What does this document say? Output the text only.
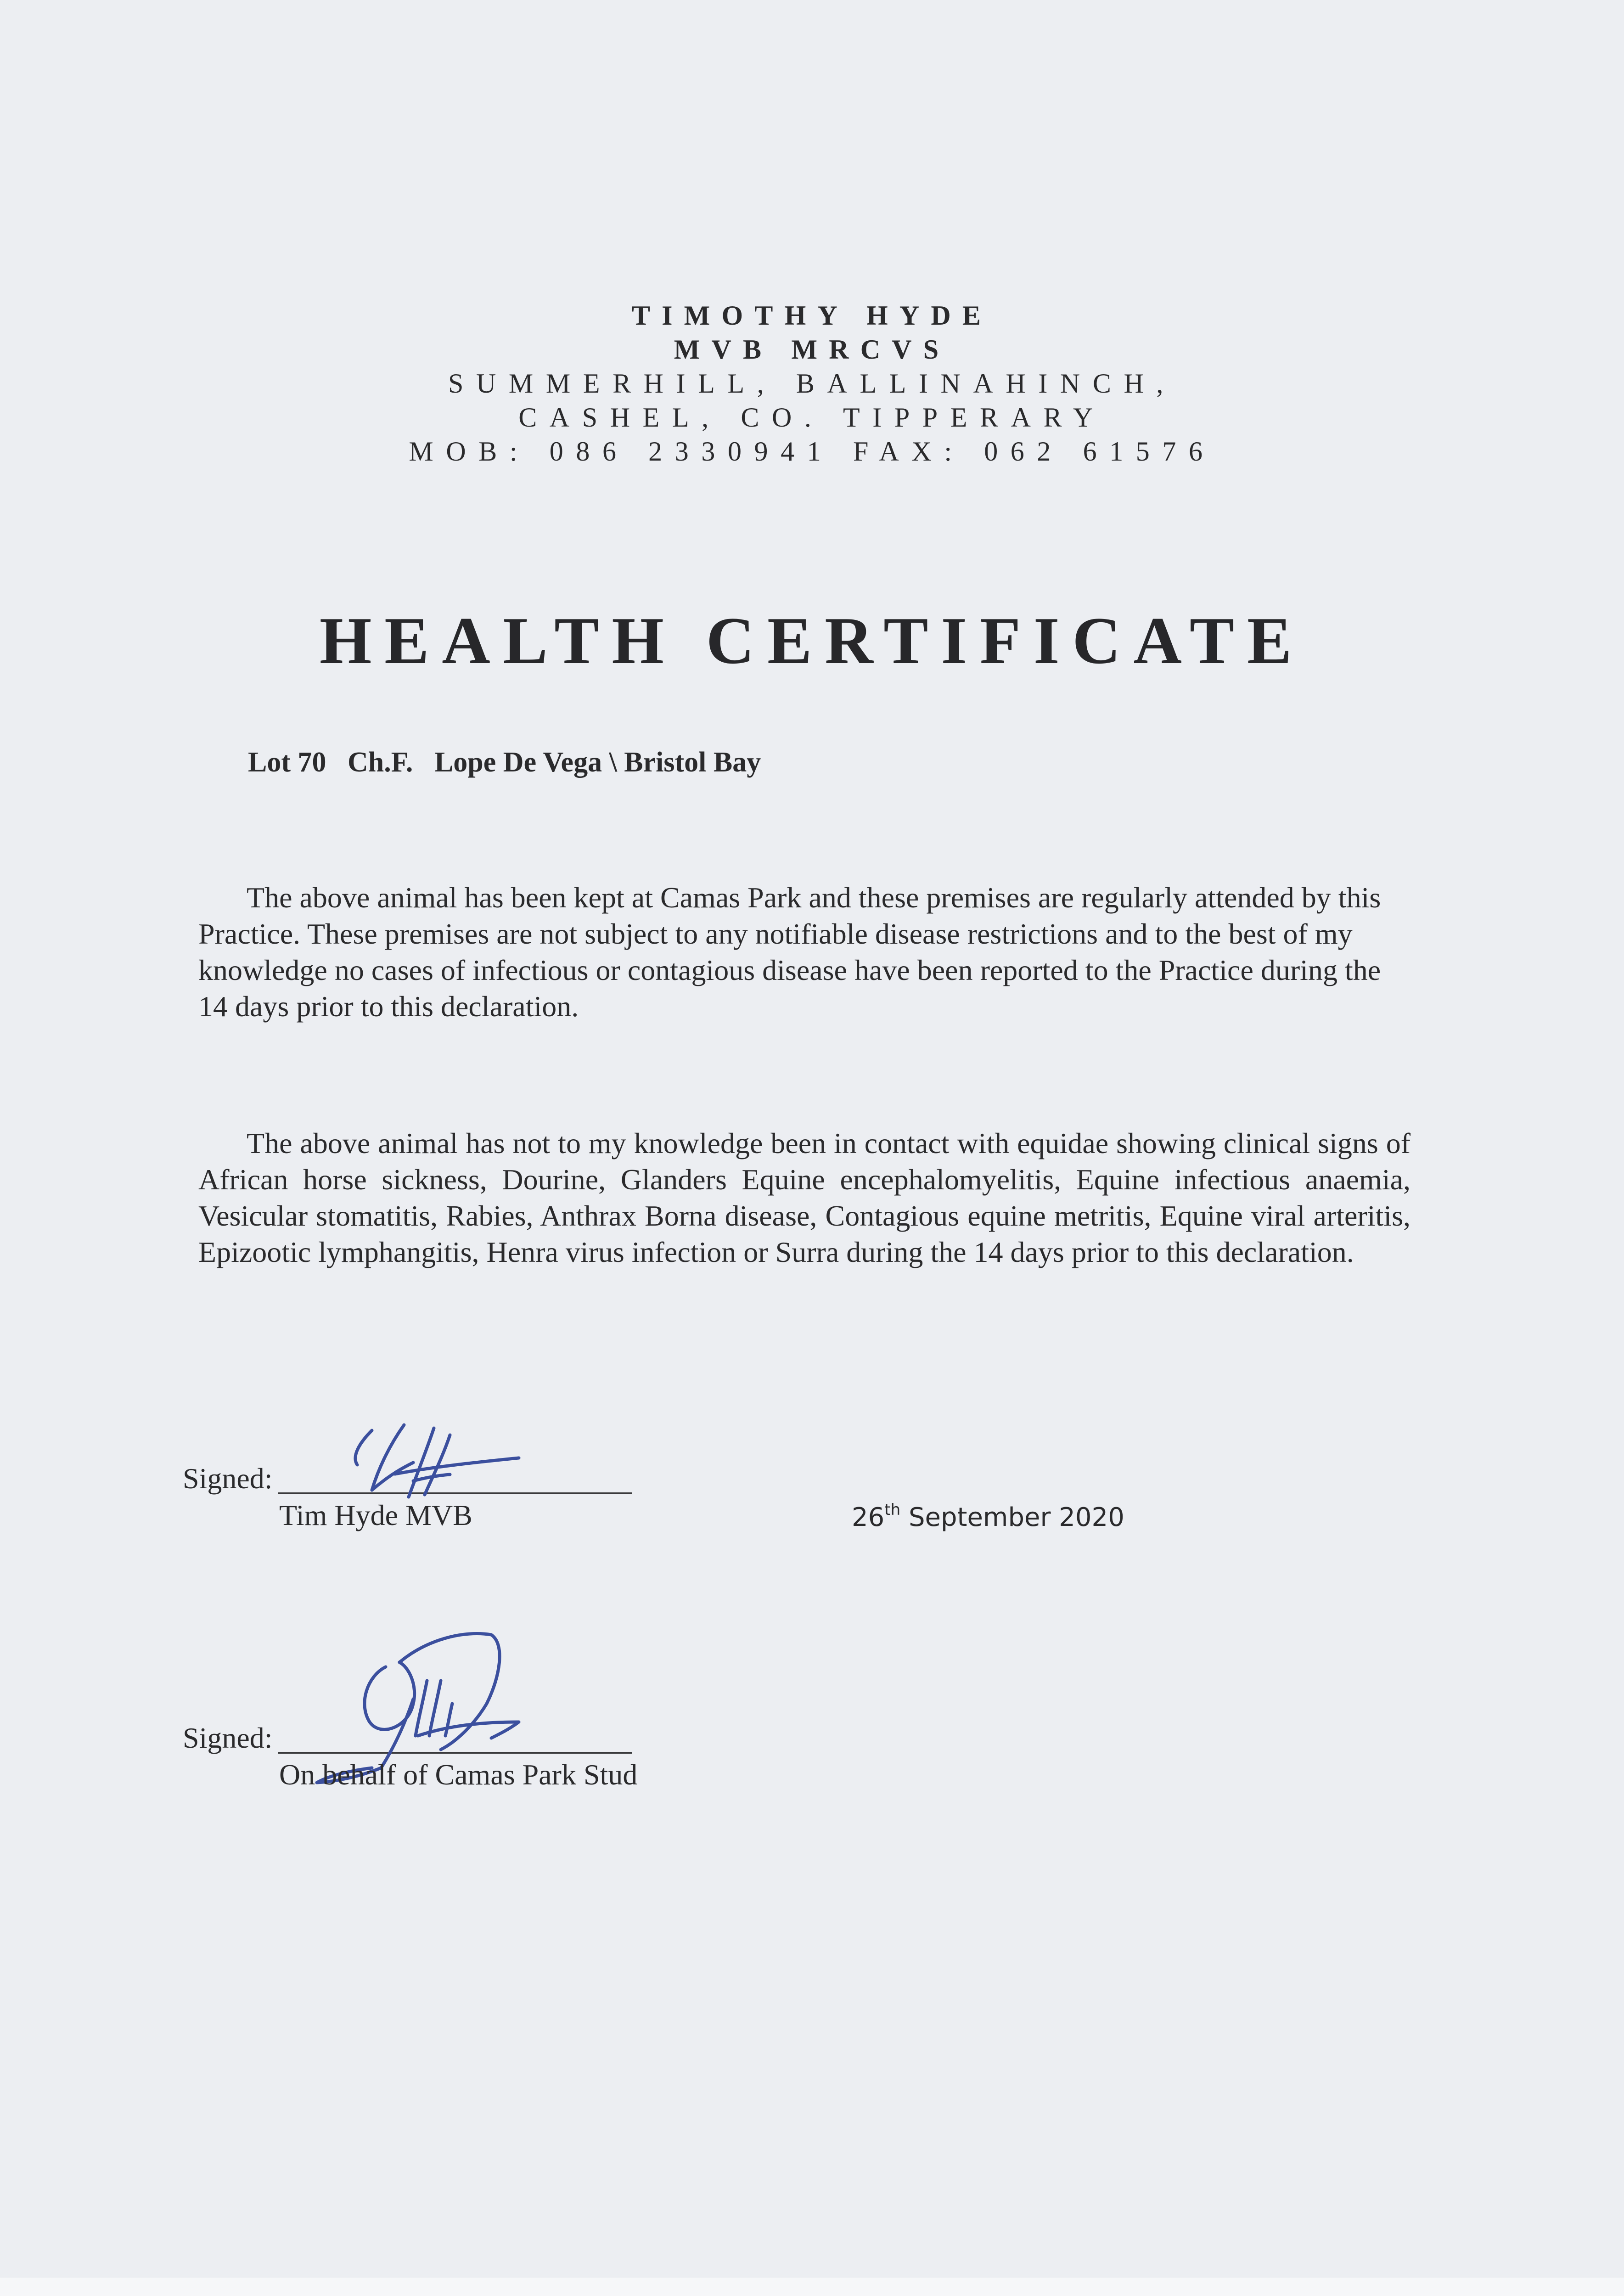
TIMOTHY HYDE
MVB MRCVS
SUMMERHILL, BALLINAHINCH,
CASHEL, CO. TIPPERARY
MOB: 086 2330941 FAX: 062 61576
HEALTH CERTIFICATE
Lot 70 Ch.F. Lope De Vega \ Bristol Bay

The above animal has been kept at Camas Park and these premises are regularly attended by this Practice. These premises are not subject to any notifiable disease restrictions and to the best of my knowledge no cases of infectious or contagious disease have been reported to the Practice during the 14 days prior to this declaration.

The above animal has not to my knowledge been in contact with equidae showing clinical signs of African horse sickness, Dourine, Glanders Equine encephalomyelitis, Equine infectious anaemia, Vesicular stomatitis, Rabies, Anthrax Borna disease, Contagious equine metritis, Equine viral arteritis, Epizootic lymphangitis, Henra virus infection or Surra during the 14 days prior to this declaration.

Signed:
Tim Hyde MVB	26th September 2020
Signed:
On behalf of Camas Park Stud
